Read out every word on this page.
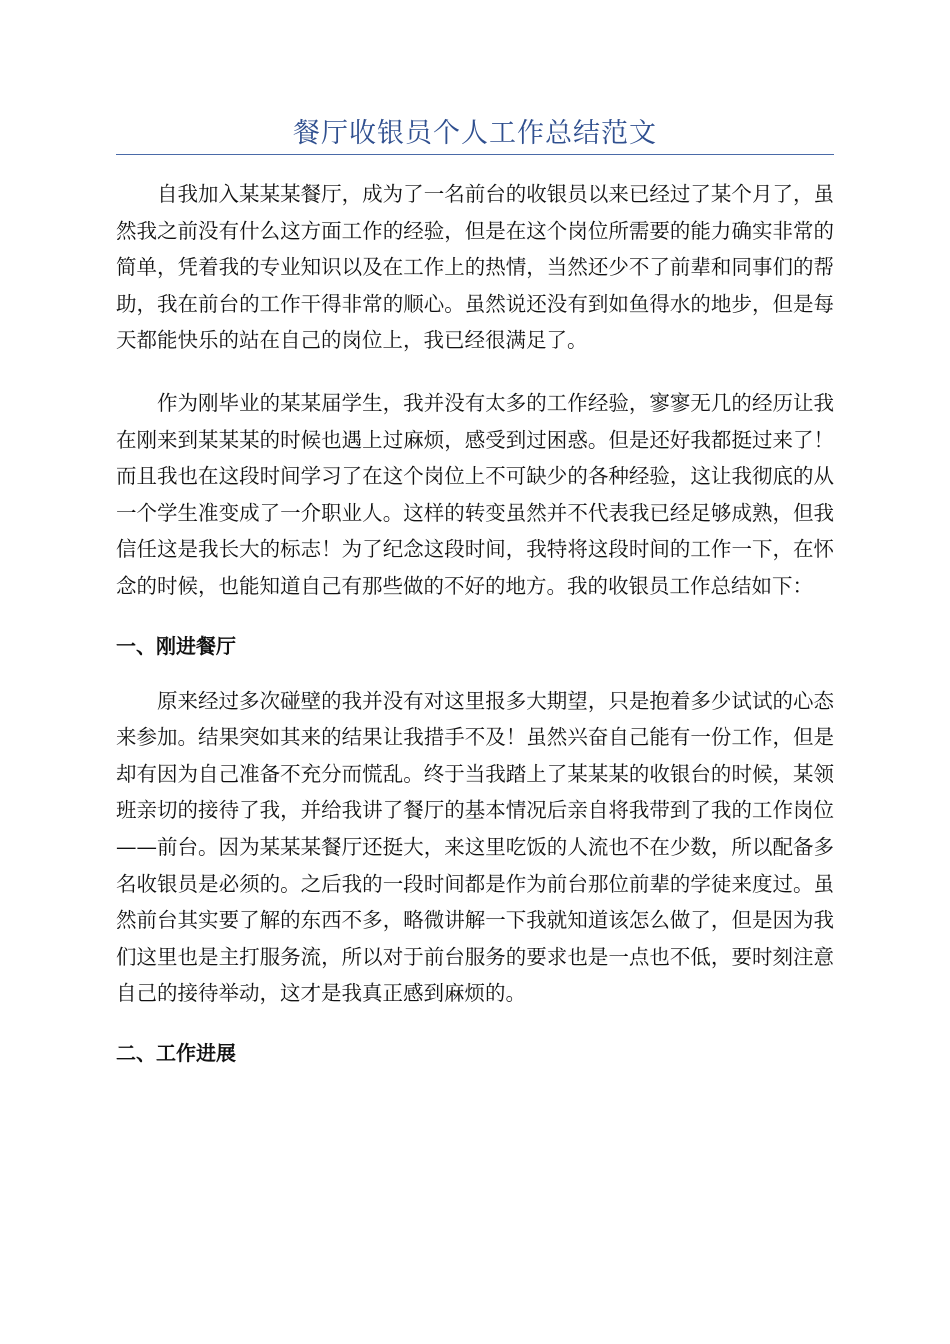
餐厅收银员个人工作总结范文

自我加入某某某餐厅，成为了一名前台的收银员以来已经过了某个月了，虽然我之前没有什么这方面工作的经验，但是在这个岗位所需要的能力确实非常的简单，凭着我的专业知识以及在工作上的热情，当然还少不了前辈和同事们的帮助，我在前台的工作干得非常的顺心。虽然说还没有到如鱼得水的地步，但是每天都能快乐的站在自己的岗位上，我已经很满足了。

作为刚毕业的某某届学生，我并没有太多的工作经验，寥寥无几的经历让我在刚来到某某某的时候也遇上过麻烦，感受到过困惑。但是还好我都挺过来了！而且我也在这段时间学习了在这个岗位上不可缺少的各种经验，这让我彻底的从一个学生准变成了一介职业人。这样的转变虽然并不代表我已经足够成熟，但我信任这是我长大的标志！为了纪念这段时间，我特将这段时间的工作一下，在怀念的时候，也能知道自己有那些做的不好的地方。我的收银员工作总结如下：

一、刚进餐厅

原来经过多次碰壁的我并没有对这里报多大期望，只是抱着多少试试的心态来参加。结果突如其来的结果让我措手不及！虽然兴奋自己能有一份工作，但是却有因为自己准备不充分而慌乱。终于当我踏上了某某某的收银台的时候，某领班亲切的接待了我，并给我讲了餐厅的基本情况后亲自将我带到了我的工作岗位——前台。因为某某某餐厅还挺大，来这里吃饭的人流也不在少数，所以配备多名收银员是必须的。之后我的一段时间都是作为前台那位前辈的学徒来度过。虽然前台其实要了解的东西不多，略微讲解一下我就知道该怎么做了，但是因为我们这里也是主打服务流，所以对于前台服务的要求也是一点也不低，要时刻注意自己的接待举动，这才是我真正感到麻烦的。

二、工作进展
